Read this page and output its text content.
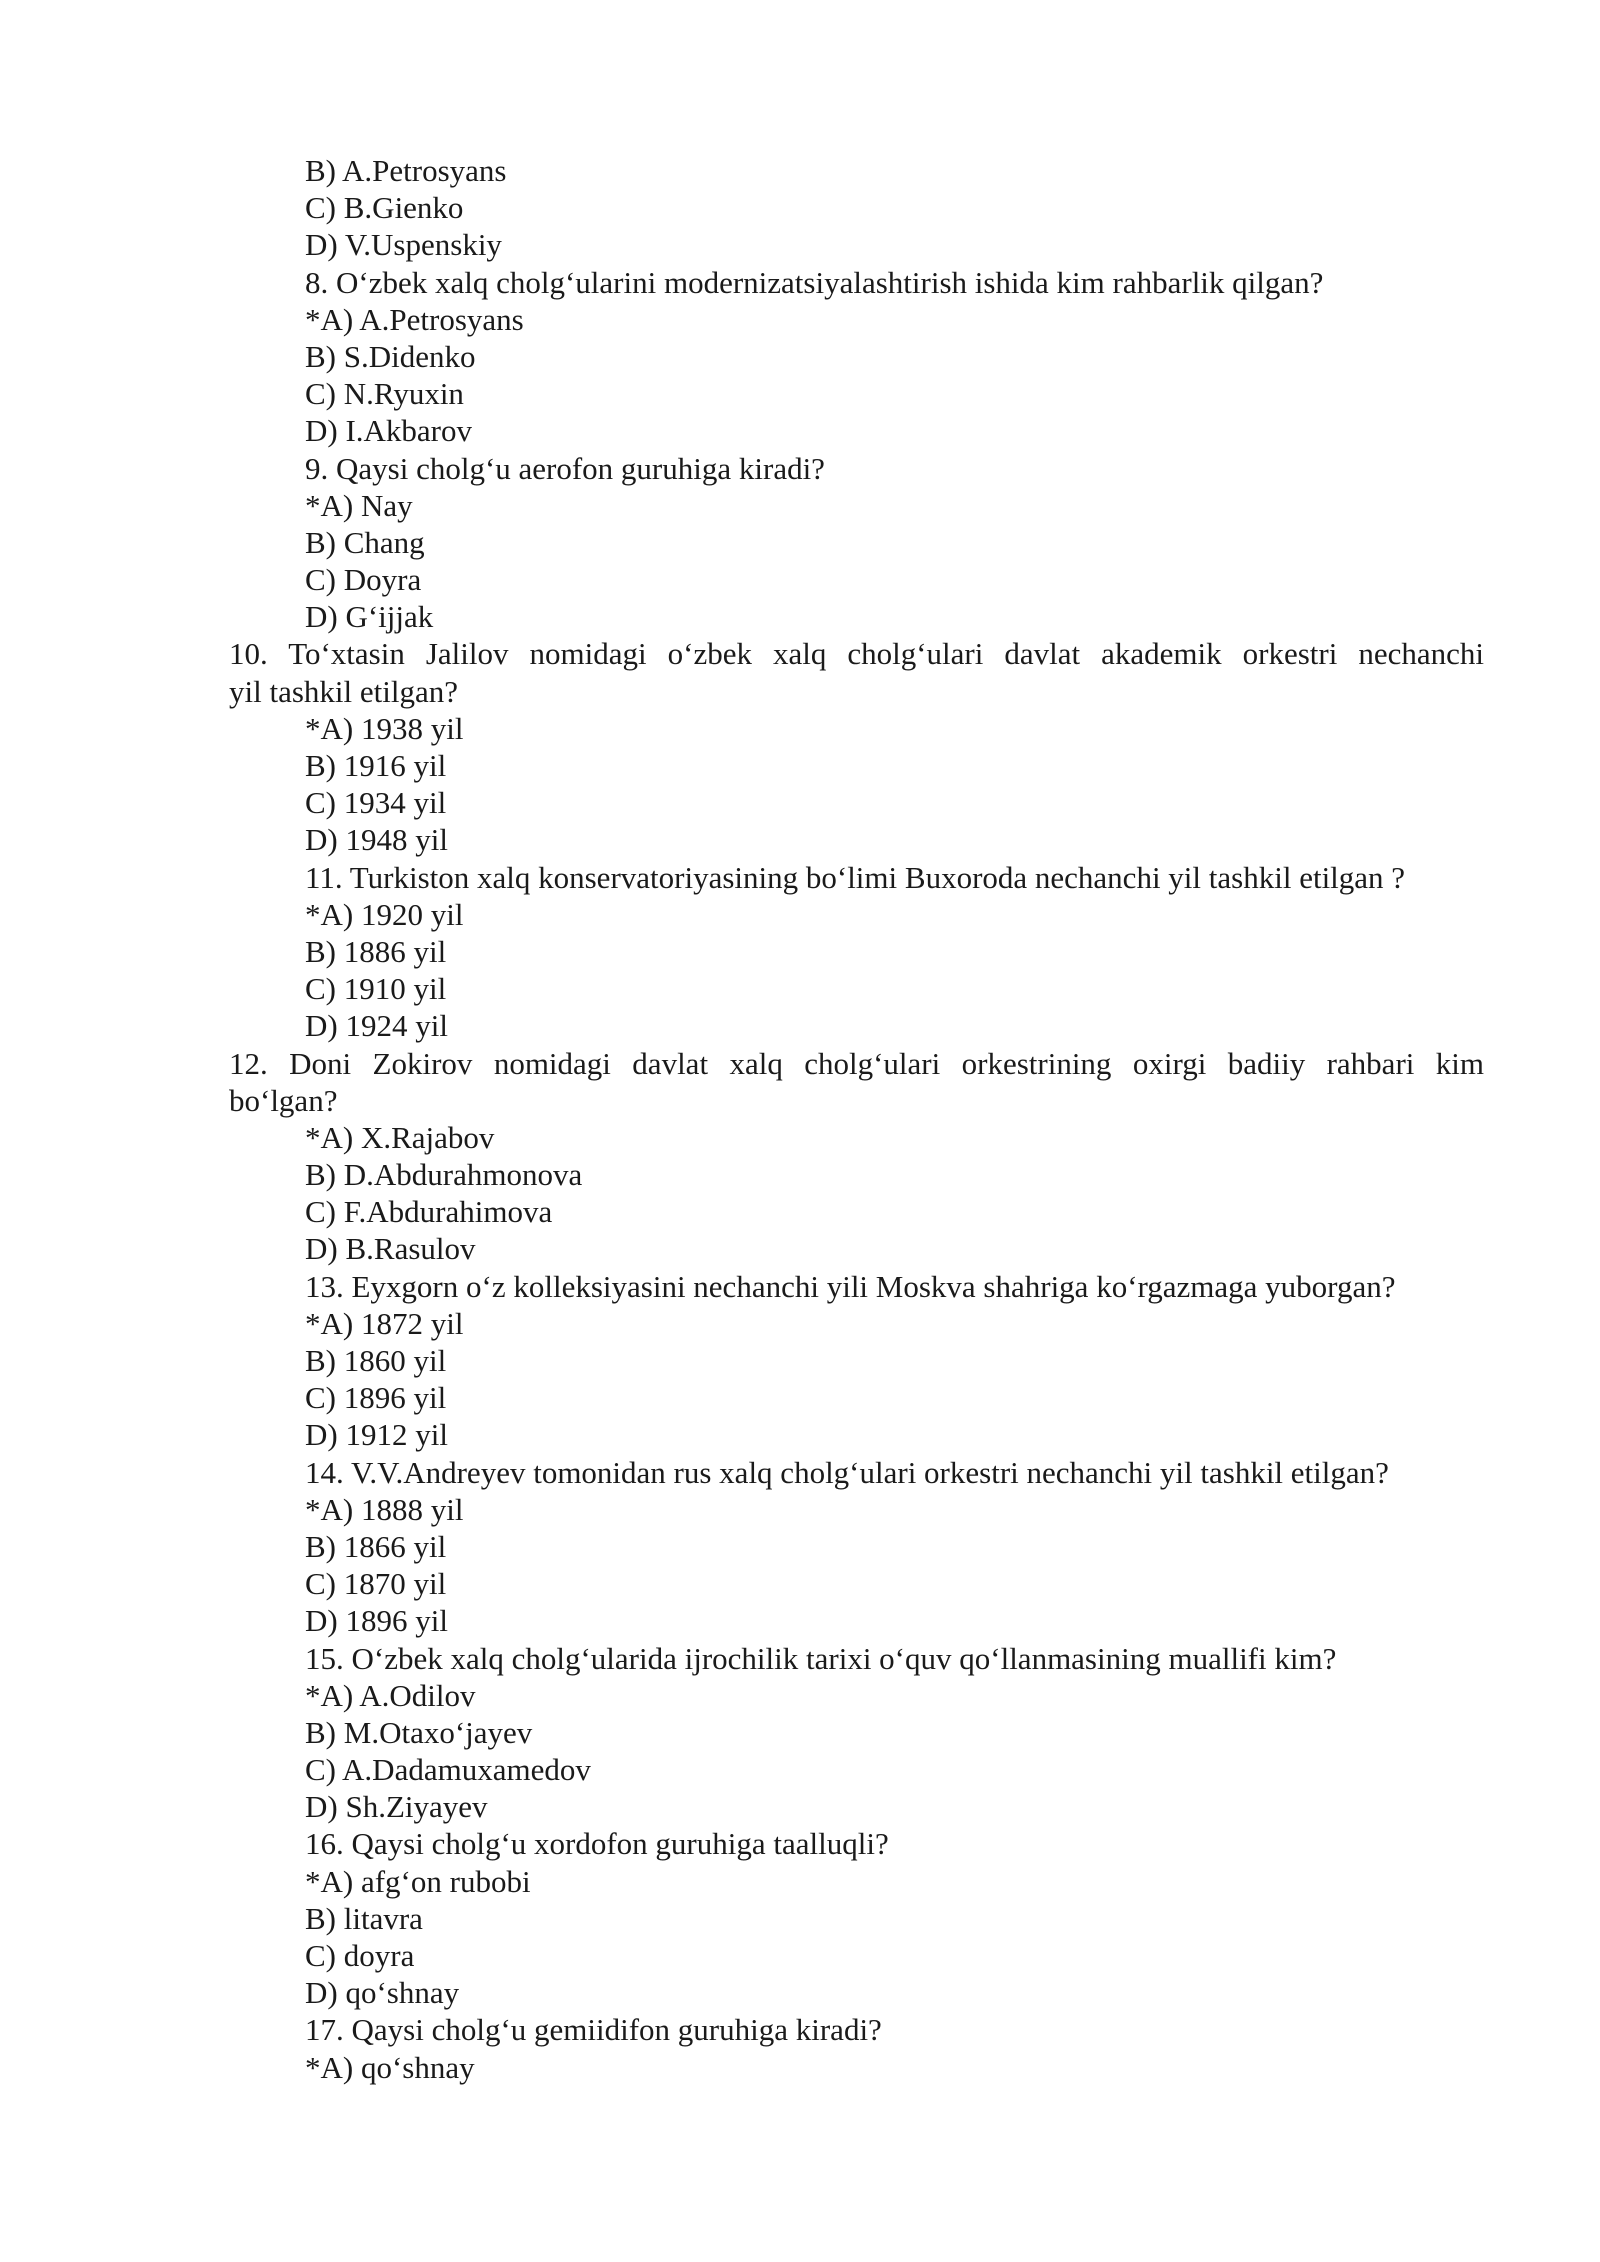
B) A.Petrosyans
C) B.Gienko
D) V.Uspenskiy
8. O‘zbek xalq cholg‘ularini modernizatsiyalashtirish ishida kim rahbarlik qilgan?
*A) A.Petrosyans
B) S.Didenko
C) N.Ryuxin
D) I.Akbarov
9. Qaysi cholg‘u aerofon guruhiga kiradi?
*A) Nay
B) Chang
C) Doyra
D) G‘ijjak
10. To‘xtasin Jalilov nomidagi o‘zbek xalq cholg‘ulari davlat akademik orkestri nechanchi
yil tashkil etilgan?
*A) 1938 yil
B) 1916 yil
C) 1934 yil
D) 1948 yil
11. Turkiston xalq konservatoriyasining bo‘limi Buxoroda nechanchi yil tashkil etilgan ?
*A) 1920 yil
B) 1886 yil
C) 1910 yil
D) 1924 yil
12. Doni Zokirov nomidagi davlat xalq cholg‘ulari orkestrining oxirgi badiiy rahbari kim
bo‘lgan?
*A) X.Rajabov
B) D.Abdurahmonova
C) F.Abdurahimova
D) B.Rasulov
13. Eyxgorn o‘z kolleksiyasini nechanchi yili Moskva shahriga ko‘rgazmaga yuborgan?
*A) 1872 yil
B) 1860 yil
C) 1896 yil
D) 1912 yil
14. V.V.Andreyev tomonidan rus xalq cholg‘ulari orkestri nechanchi yil tashkil etilgan?
*A) 1888 yil
B) 1866 yil
C) 1870 yil
D) 1896 yil
15. O‘zbek xalq cholg‘ularida ijrochilik tarixi o‘quv qo‘llanmasining muallifi kim?
*A) A.Odilov
B) M.Otaxo‘jayev
C) A.Dadamuxamedov
D) Sh.Ziyayev
16. Qaysi cholg‘u xordofon guruhiga taalluqli?
*A) afg‘on rubobi
B) litavra
C) doyra
D) qo‘shnay
17. Qaysi cholg‘u gemiidifon guruhiga kiradi?
*A) qo‘shnay
